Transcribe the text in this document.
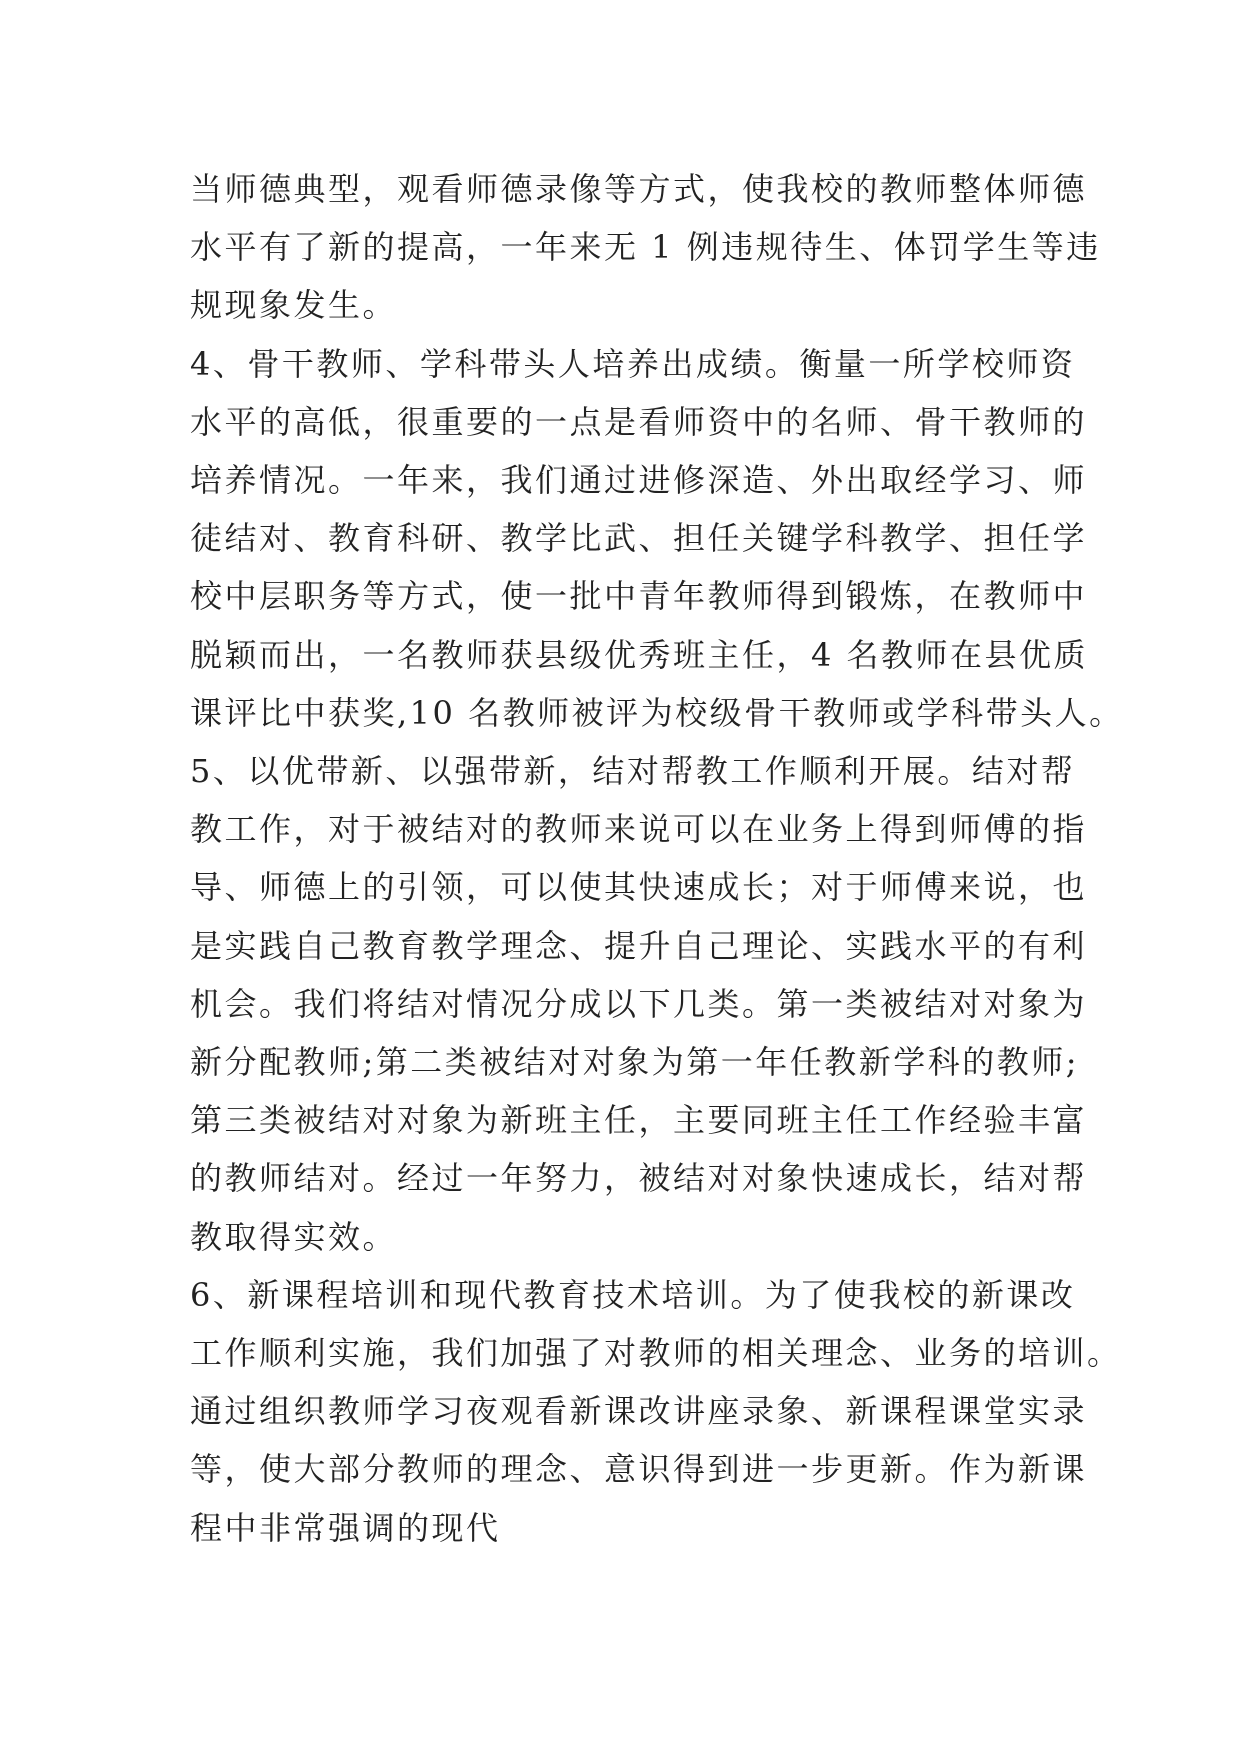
当师德典型，观看师德录像等方式，使我校的教师整体师德
水平有了新的提高，一年来无 1 例违规待生、体罚学生等违
规现象发生。
4、骨干教师、学科带头人培养出成绩。衡量一所学校师资
水平的高低，很重要的一点是看师资中的名师、骨干教师的
培养情况。一年来，我们通过进修深造、外出取经学习、师
徒结对、教育科研、教学比武、担任关键学科教学、担任学
校中层职务等方式，使一批中青年教师得到锻炼，在教师中
脱颖而出，一名教师获县级优秀班主任，4 名教师在县优质
课评比中获奖,10 名教师被评为校级骨干教师或学科带头人。
5、以优带新、以强带新，结对帮教工作顺利开展。结对帮
教工作，对于被结对的教师来说可以在业务上得到师傅的指
导、师德上的引领，可以使其快速成长；对于师傅来说，也
是实践自己教育教学理念、提升自己理论、实践水平的有利
机会。我们将结对情况分成以下几类。第一类被结对对象为
新分配教师;第二类被结对对象为第一年任教新学科的教师;
第三类被结对对象为新班主任，主要同班主任工作经验丰富
的教师结对。经过一年努力，被结对对象快速成长，结对帮
教取得实效。
6、新课程培训和现代教育技术培训。为了使我校的新课改
工作顺利实施，我们加强了对教师的相关理念、业务的培训。
通过组织教师学习夜观看新课改讲座录象、新课程课堂实录
等，使大部分教师的理念、意识得到进一步更新。作为新课
程中非常强调的现代
